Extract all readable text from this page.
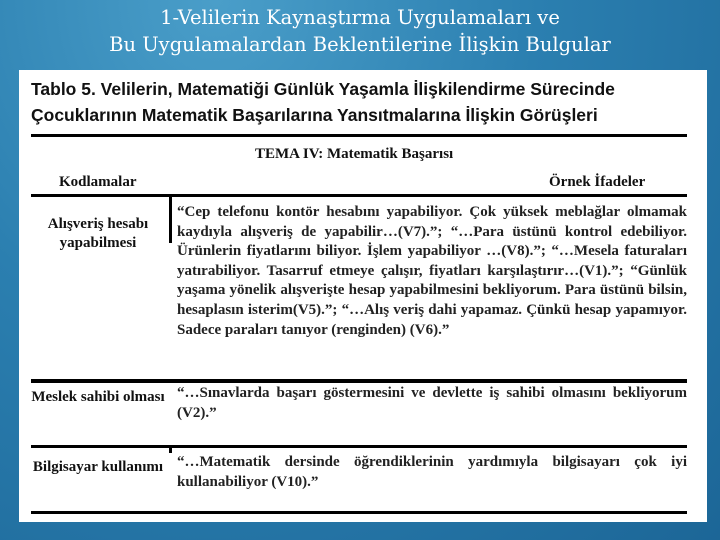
1-Velilerin Kaynaştırma Uygulamaları ve
Bu Uygulamalardan Beklentilerine İlişkin Bulgular
Tablo 5. Velilerin, Matematiği Günlük Yaşamla İlişkilendirme Sürecinde Çocuklarının Matematik Başarılarına Yansıtmalarına İlişkin Görüşleri
TEMA IV: Matematik Başarısı
Kodlamalar	Örnek İfadeler
Alışveriş hesabı yapabilmesi
“Cep telefonu kontör hesabını yapabiliyor. Çok yüksek meblağlar olmamak kaydıyla alışveriş de yapabilir…(V7).”; “…Para üstünü kontrol edebiliyor. Ürünlerin fiyatlarını biliyor. İşlem yapabiliyor …(V8).”; “…Mesela faturaları yatırabiliyor. Tasarruf etmeye çalışır, fiyatları karşılaştırır…(V1).”; “Günlük yaşama yönelik alışverişte hesap yapabilmesini bekliyorum. Para üstünü bilsin, hesaplasın isterim(V5).”; “…Alış veriş dahi yapamaz. Çünkü hesap yapamıyor. Sadece paraları tanıyor (renginden) (V6).”
Meslek sahibi olması “…Sınavlarda başarı göstermesini ve devlette iş sahibi olmasını bekliyorum (V2).”
Bilgisayar kullanımı “…Matematik dersinde öğrendiklerinin yardımıyla bilgisayarı çok iyi kullanabiliyor (V10).”
